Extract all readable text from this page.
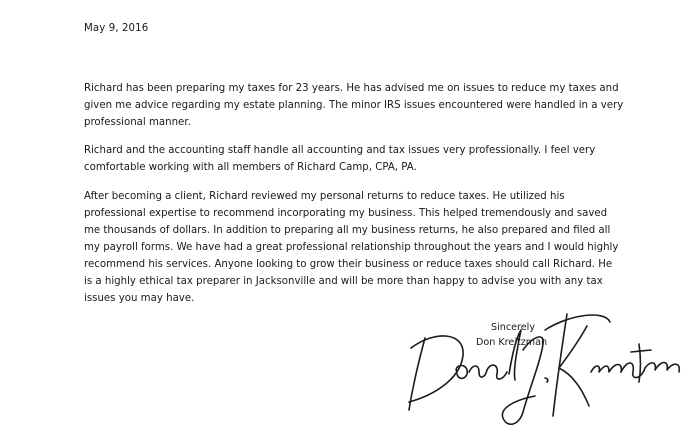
May 9, 2016

Richard has been preparing my taxes for 23 years. He has advised me on issues to reduce my taxes and
given me advice regarding my estate planning. The minor IRS issues encountered were handled in a very
professional manner.

Richard and the accounting staff handle all accounting and tax issues very professionally. I feel very
comfortable working with all members of Richard Camp, CPA, PA.

After becoming a client, Richard reviewed my personal returns to reduce taxes. He utilized his
professional expertise to recommend incorporating my business. This helped tremendously and saved
me thousands of dollars. In addition to preparing all my business returns, he also prepared and filed all
my payroll forms. We have had a great professional relationship throughout the years and I would highly
recommend his services. Anyone looking to grow their business or reduce taxes should call Richard. He
is a highly ethical tax preparer in Jacksonville and will be more than happy to advise you with any tax
issues you may have.

Sincerely
Don Kreitzman
